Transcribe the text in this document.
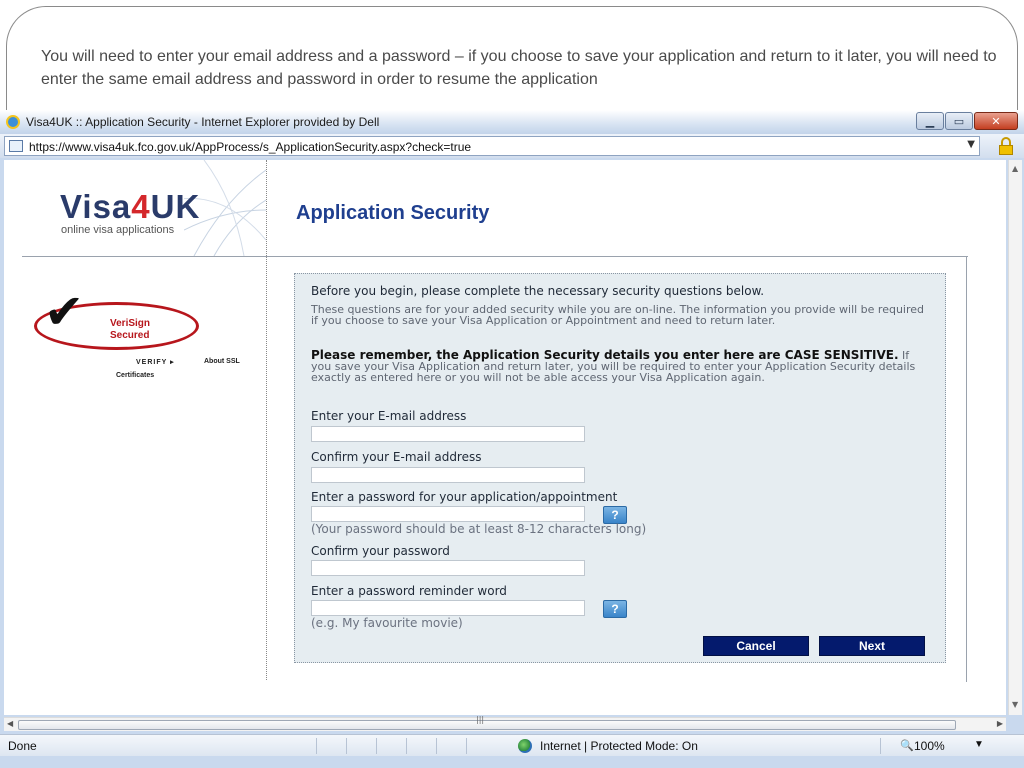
You will need to enter your email address and a password – if you choose to save your application and return to it later, you will need to enter the same email address and password in order to resume the application
Visa4UK :: Application Security - Internet Explorer provided by Dell	▁	▭	✕
https://www.visa4uk.fco.gov.uk/AppProcess/s_ApplicationSecurity.aspx?check=true	▼
Visa4UK
online visa applications
Application Security
✔	VeriSign
Secured
VERIFY ▸	About SSL
Certificates
Before you begin, please complete the necessary security questions below.
These questions are for your added security while you are on-line. The information you provide will be required if you choose to save your Visa Application or Appointment and need to return later.
Please remember, the Application Security details you enter here are CASE SENSITIVE. If you save your Visa Application and return later, you will be required to enter your Application Security details exactly as entered here or you will not be able access your Visa Application again.
Enter your E-mail address
Confirm your E-mail address
Enter a password for your application/appointment
?
(Your password should be at least 8-12 characters long)
Confirm your password
Enter a password reminder word
?
(e.g. My favourite movie)
Cancel	Next
▲
▼
◀	|||	▶
Done	Internet | Protected Mode: On	🔍 100%	▼
